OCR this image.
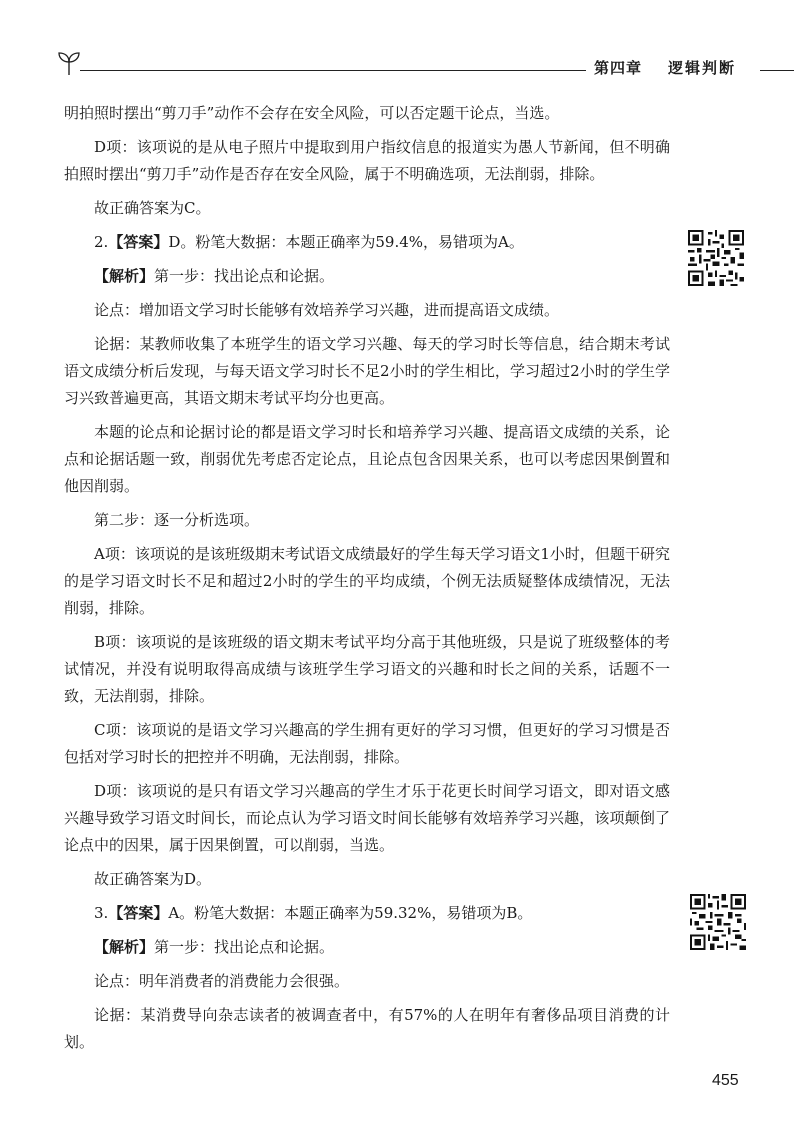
第四章 逻辑判断

明拍照时摆出“剪刀手”动作不会存在安全风险，可以否定题干论点，当选。

D项：该项说的是从电子照片中提取到用户指纹信息的报道实为愚人节新闻，但不明确拍照时摆出“剪刀手”动作是否存在安全风险，属于不明确选项，无法削弱，排除。

故正确答案为C。

2.【答案】D。粉笔大数据：本题正确率为59.4%，易错项为A。

【解析】第一步：找出论点和论据。

论点：增加语文学习时长能够有效培养学习兴趣，进而提高语文成绩。

论据：某教师收集了本班学生的语文学习兴趣、每天的学习时长等信息，结合期末考试语文成绩分析后发现，与每天语文学习时长不足2小时的学生相比，学习超过2小时的学生学习兴致普遍更高，其语文期末考试平均分也更高。

本题的论点和论据讨论的都是语文学习时长和培养学习兴趣、提高语文成绩的关系，论点和论据话题一致，削弱优先考虑否定论点，且论点包含因果关系，也可以考虑因果倒置和他因削弱。

第二步：逐一分析选项。

A项：该项说的是该班级期末考试语文成绩最好的学生每天学习语文1小时，但题干研究的是学习语文时长不足和超过2小时的学生的平均成绩，个例无法质疑整体成绩情况，无法削弱，排除。

B项：该项说的是该班级的语文期末考试平均分高于其他班级，只是说了班级整体的考试情况，并没有说明取得高成绩与该班学生学习语文的兴趣和时长之间的关系，话题不一致，无法削弱，排除。

C项：该项说的是语文学习兴趣高的学生拥有更好的学习习惯，但更好的学习习惯是否包括对学习时长的把控并不明确，无法削弱，排除。

D项：该项说的是只有语文学习兴趣高的学生才乐于花更长时间学习语文，即对语文感兴趣导致学习语文时间长，而论点认为学习语文时间长能够有效培养学习兴趣，该项颠倒了论点中的因果，属于因果倒置，可以削弱，当选。

故正确答案为D。

3.【答案】A。粉笔大数据：本题正确率为59.32%，易错项为B。

【解析】第一步：找出论点和论据。

论点：明年消费者的消费能力会很强。

论据：某消费导向杂志读者的被调查者中，有57%的人在明年有奢侈品项目消费的计划。

455
